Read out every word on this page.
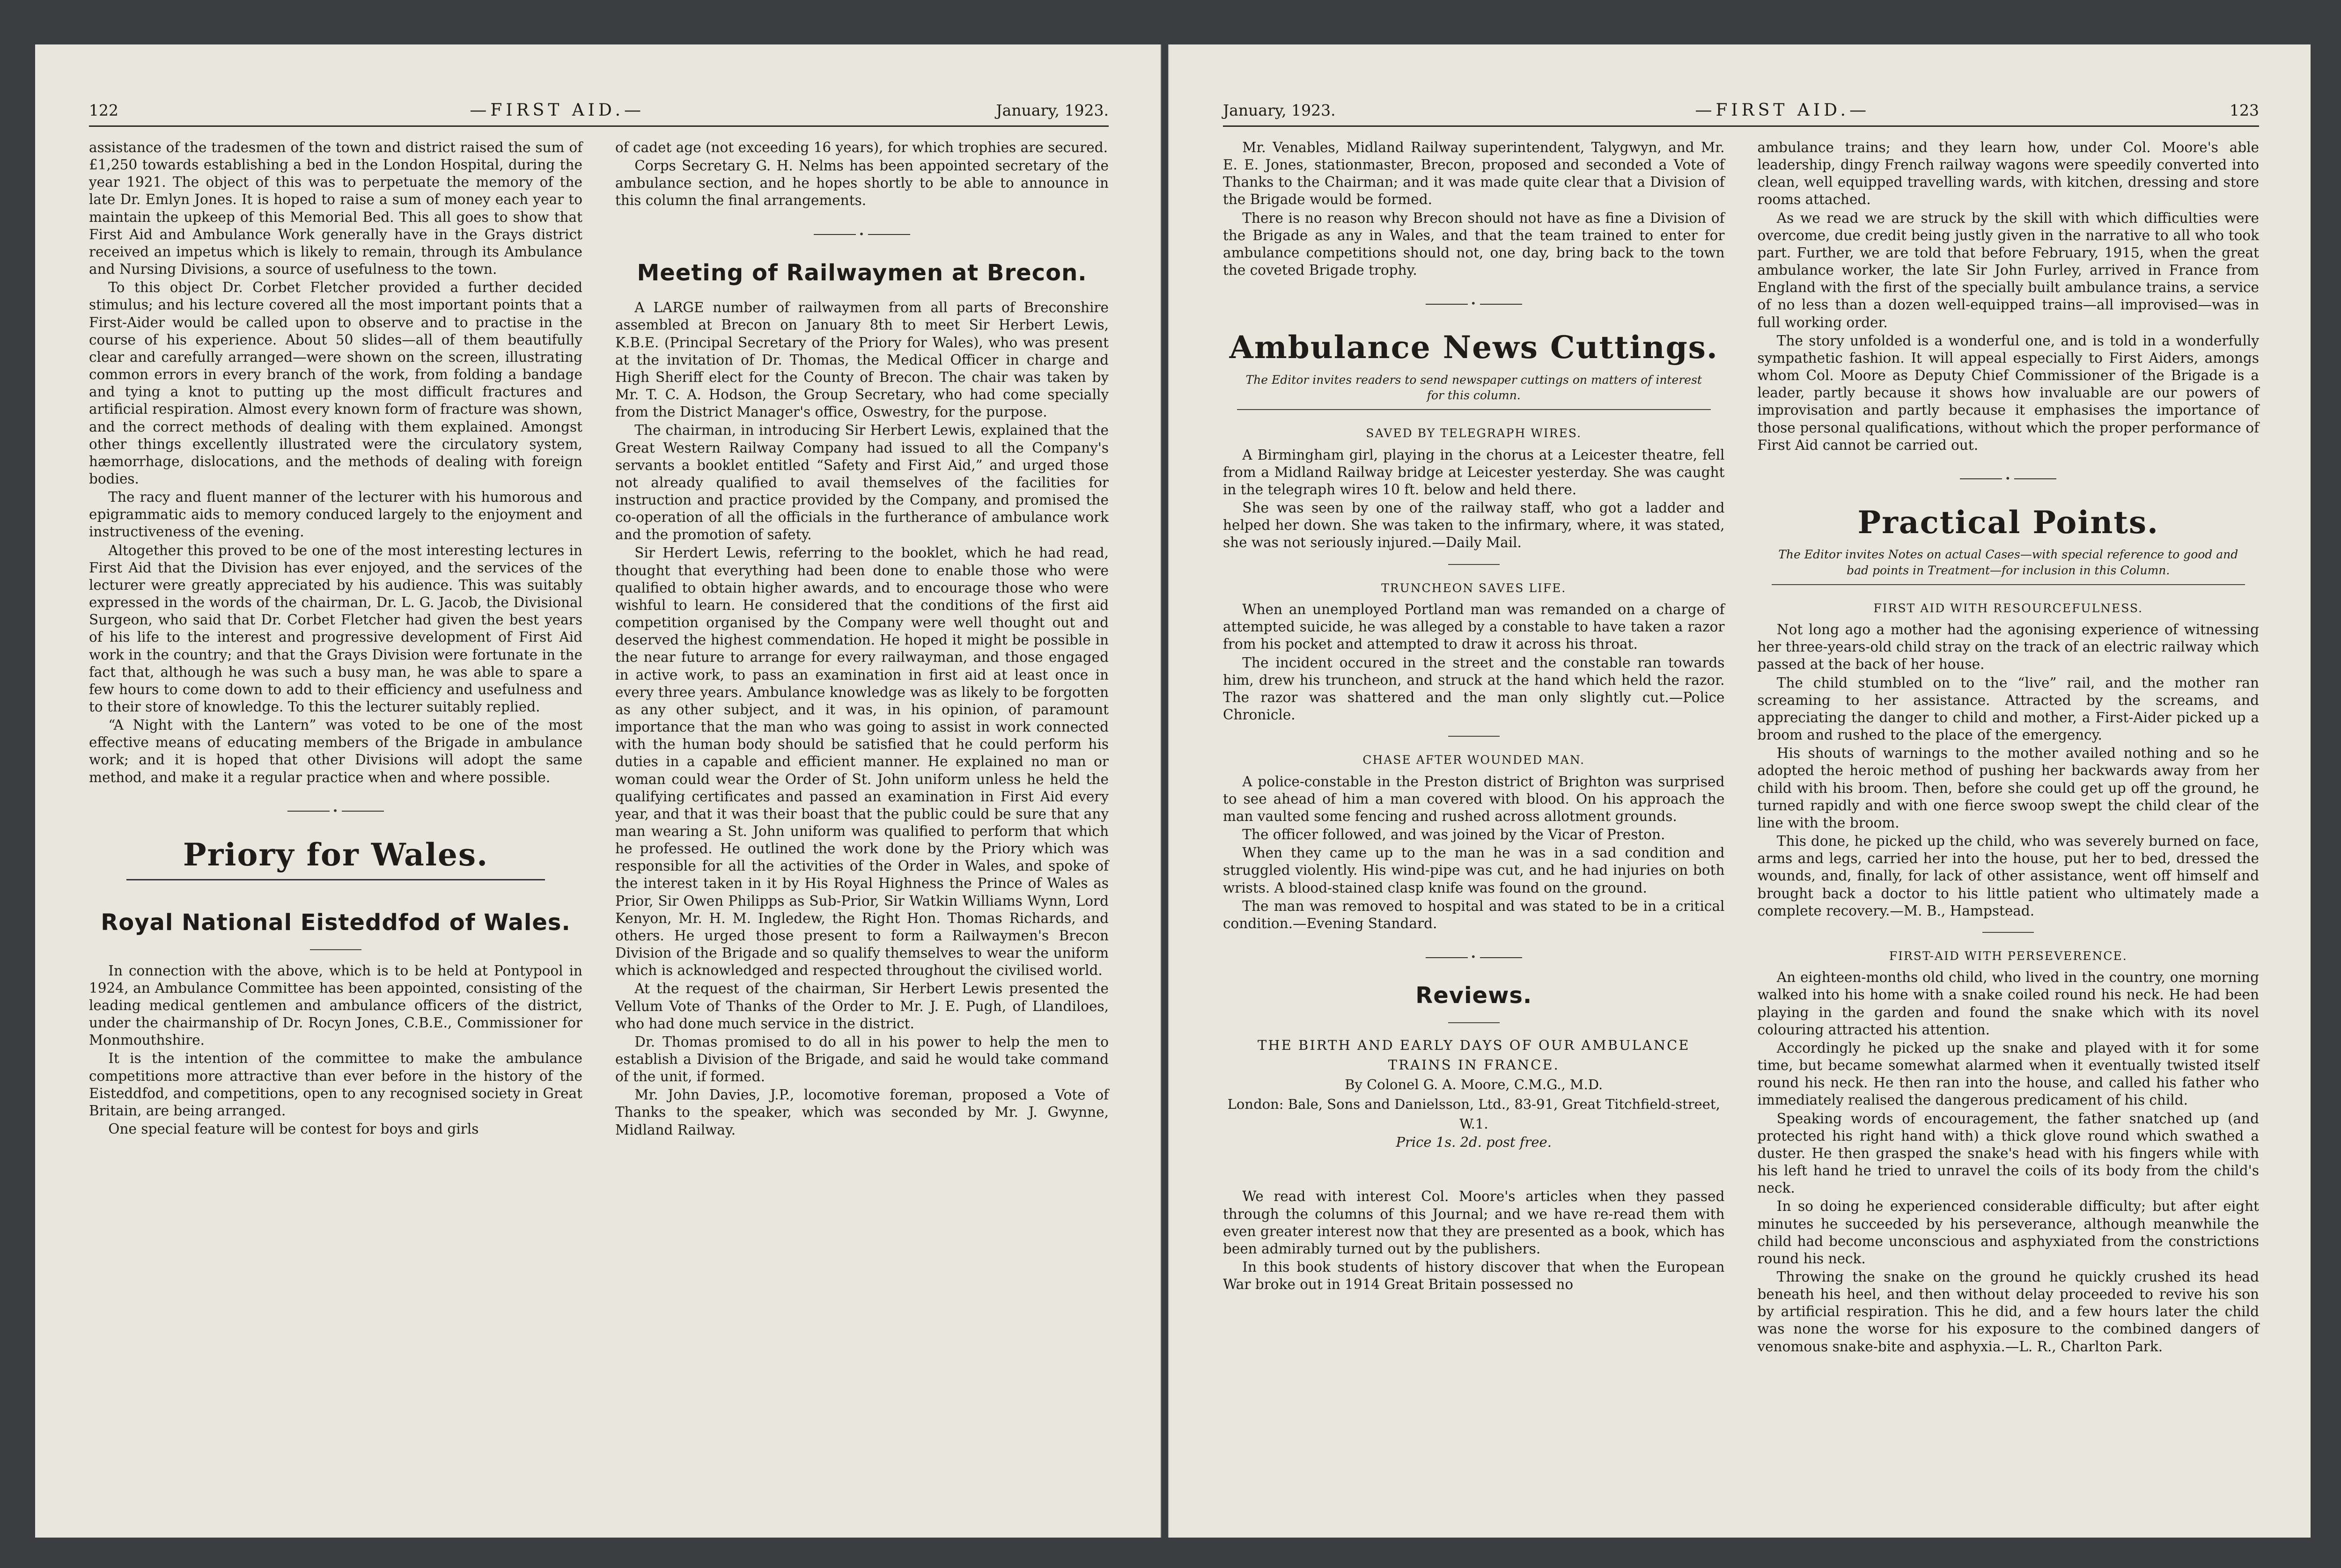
122	—FIRST AID.—	January, 1923.

assistance of the tradesmen of the town and district raised the sum of £1,250 towards establishing a bed in the London Hospital, during the year 1921. The object of this was to perpetuate the memory of the late Dr. Emlyn Jones. It is hoped to raise a sum of money each year to maintain the upkeep of this Memorial Bed. This all goes to show that First Aid and Ambulance Work generally have in the Grays district received an impetus which is likely to remain, through its Ambulance and Nursing Divisions, a source of usefulness to the town.

To this object Dr. Corbet Fletcher provided a further decided stimulus; and his lecture covered all the most important points that a First-Aider would be called upon to observe and to practise in the course of his experience. About 50 slides—all of them beautifully clear and carefully arranged—were shown on the screen, illustrating common errors in every branch of the work, from folding a bandage and tying a knot to putting up the most difficult fractures and artificial respiration. Almost every known form of fracture was shown, and the correct methods of dealing with them explained. Amongst other things excellently illustrated were the circulatory system, hæmorrhage, dislocations, and the methods of dealing with foreign bodies.

The racy and fluent manner of the lecturer with his humorous and epigrammatic aids to memory conduced largely to the enjoyment and instructiveness of the evening.

Altogether this proved to be one of the most interesting lectures in First Aid that the Division has ever enjoyed, and the services of the lecturer were greatly appreciated by his audience. This was suitably expressed in the words of the chairman, Dr. L. G. Jacob, the Divisional Surgeon, who said that Dr. Corbet Fletcher had given the best years of his life to the interest and progressive development of First Aid work in the country; and that the Grays Division were fortunate in the fact that, although he was such a busy man, he was able to spare a few hours to come down to add to their efficiency and usefulness and to their store of knowledge. To this the lecturer suitably replied.

“A Night with the Lantern” was voted to be one of the most effective means of educating members of the Brigade in ambulance work; and it is hoped that other Divisions will adopt the same method, and make it a regular practice when and where possible.

•
Priory for Wales.
Royal National Eisteddfod of Wales.

In connection with the above, which is to be held at Pontypool in 1924, an Ambulance Committee has been appointed, consisting of the leading medical gentlemen and ambulance officers of the district, under the chairmanship of Dr. Rocyn Jones, C.B.E., Commissioner for Monmouthshire.

It is the intention of the committee to make the ambulance competitions more attractive than ever before in the history of the Eisteddfod, and competitions, open to any recognised society in Great Britain, are being arranged.

One special feature will be contest for boys and girls

of cadet age (not exceeding 16 years), for which trophies are secured.

Corps Secretary G. H. Nelms has been appointed secretary of the ambulance section, and he hopes shortly to be able to announce in this column the final arrangements.

•
Meeting of Railwaymen at Brecon.

A LARGE number of railwaymen from all parts of Breconshire assembled at Brecon on January 8th to meet Sir Herbert Lewis, K.B.E. (Principal Secretary of the Priory for Wales), who was present at the invitation of Dr. Thomas, the Medical Officer in charge and High Sheriff elect for the County of Brecon. The chair was taken by Mr. T. C. A. Hodson, the Group Secretary, who had come specially from the District Manager's office, Oswestry, for the purpose.

The chairman, in introducing Sir Herbert Lewis, explained that the Great Western Railway Company had issued to all the Company's servants a booklet entitled “Safety and First Aid,” and urged those not already qualified to avail themselves of the facilities for instruction and practice provided by the Company, and promised the co-operation of all the officials in the furtherance of ambulance work and the promotion of safety.

Sir Herdert Lewis, referring to the booklet, which he had read, thought that everything had been done to enable those who were qualified to obtain higher awards, and to encourage those who were wishful to learn. He considered that the conditions of the first aid competition organised by the Company were well thought out and deserved the highest commendation. He hoped it might be possible in the near future to arrange for every railwayman, and those engaged in active work, to pass an examination in first aid at least once in every three years. Ambulance knowledge was as likely to be forgotten as any other subject, and it was, in his opinion, of paramount importance that the man who was going to assist in work connected with the human body should be satisfied that he could perform his duties in a capable and efficient manner. He explained no man or woman could wear the Order of St. John uniform unless he held the qualifying certificates and passed an examination in First Aid every year, and that it was their boast that the public could be sure that any man wearing a St. John uniform was qualified to perform that which he professed. He outlined the work done by the Priory which was responsible for all the activities of the Order in Wales, and spoke of the interest taken in it by His Royal Highness the Prince of Wales as Prior, Sir Owen Philipps as Sub-Prior, Sir Watkin Williams Wynn, Lord Kenyon, Mr. H. M. Ingledew, the Right Hon. Thomas Richards, and others. He urged those present to form a Railwaymen's Brecon Division of the Brigade and so qualify themselves to wear the uniform which is acknowledged and respected throughout the civilised world.

At the request of the chairman, Sir Herbert Lewis presented the Vellum Vote of Thanks of the Order to Mr. J. E. Pugh, of Llandiloes, who had done much service in the district.

Dr. Thomas promised to do all in his power to help the men to establish a Division of the Brigade, and said he would take command of the unit, if formed.

Mr. John Davies, J.P., locomotive foreman, proposed a Vote of Thanks to the speaker, which was seconded by Mr. J. Gwynne, Midland Railway.

January, 1923.	—FIRST AID.—	123

Mr. Venables, Midland Railway superintendent, Talygwyn, and Mr. E. E. Jones, stationmaster, Brecon, proposed and seconded a Vote of Thanks to the Chairman; and it was made quite clear that a Division of the Brigade would be formed.

There is no reason why Brecon should not have as fine a Division of the Brigade as any in Wales, and that the team trained to enter for ambulance competitions should not, one day, bring back to the town the coveted Brigade trophy.

•
Ambulance News Cuttings.
The Editor invites readers to send newspaper cuttings on matters of interest for this column.
SAVED BY TELEGRAPH WIRES.

A Birmingham girl, playing in the chorus at a Leicester theatre, fell from a Midland Railway bridge at Leicester yesterday. She was caught in the telegraph wires 10 ft. below and held there.

She was seen by one of the railway staff, who got a ladder and helped her down. She was taken to the infirmary, where, it was stated, she was not seriously injured.—Daily Mail.

TRUNCHEON SAVES LIFE.

When an unemployed Portland man was remanded on a charge of attempted suicide, he was alleged by a constable to have taken a razor from his pocket and attempted to draw it across his throat.

The incident occured in the street and the constable ran towards him, drew his truncheon, and struck at the hand which held the razor. The razor was shattered and the man only slightly cut.—Police Chronicle.

CHASE AFTER WOUNDED MAN.

A police-constable in the Preston district of Brighton was surprised to see ahead of him a man covered with blood. On his approach the man vaulted some fencing and rushed across allotment grounds.

The officer followed, and was joined by the Vicar of Preston.

When they came up to the man he was in a sad condition and struggled violently. His wind-pipe was cut, and he had injuries on both wrists. A blood-stained clasp knife was found on the ground.

The man was removed to hospital and was stated to be in a critical condition.—Evening Standard.

•
Reviews.
THE BIRTH AND EARLY DAYS OF OUR AMBULANCE TRAINS IN FRANCE.
By Colonel G. A. Moore, C.M.G., M.D.
London: Bale, Sons and Danielsson, Ltd., 83-91, Great Titchfield-street, W.1.
Price 1s. 2d. post free.

We read with interest Col. Moore's articles when they passed through the columns of this Journal; and we have re-read them with even greater interest now that they are presented as a book, which has been admirably turned out by the publishers.

In this book students of history discover that when the European War broke out in 1914 Great Britain possessed no

ambulance trains; and they learn how, under Col. Moore's able leadership, dingy French railway wagons were speedily converted into clean, well equipped travelling wards, with kitchen, dressing and store rooms attached.

As we read we are struck by the skill with which difficulties were overcome, due credit being justly given in the narrative to all who took part. Further, we are told that before February, 1915, when the great ambulance worker, the late Sir John Furley, arrived in France from England with the first of the specially built ambulance trains, a service of no less than a dozen well-equipped trains—all improvised—was in full working order.

The story unfolded is a wonderful one, and is told in a wonderfully sympathetic fashion. It will appeal especially to First Aiders, amongs whom Col. Moore as Deputy Chief Commissioner of the Brigade is a leader, partly because it shows how invaluable are our powers of improvisation and partly because it emphasises the importance of those personal qualifications, without which the proper performance of First Aid cannot be carried out.

•
Practical Points.
The Editor invites Notes on actual Cases—with special reference to good and bad points in Treatment—for inclusion in this Column.
FIRST AID WITH RESOURCEFULNESS.

Not long ago a mother had the agonising experience of witnessing her three-years-old child stray on the track of an electric railway which passed at the back of her house.

The child stumbled on to the “live” rail, and the mother ran screaming to her assistance. Attracted by the screams, and appreciating the danger to child and mother, a First-Aider picked up a broom and rushed to the place of the emergency.

His shouts of warnings to the mother availed nothing and so he adopted the heroic method of pushing her backwards away from her child with his broom. Then, before she could get up off the ground, he turned rapidly and with one fierce swoop swept the child clear of the line with the broom.

This done, he picked up the child, who was severely burned on face, arms and legs, carried her into the house, put her to bed, dressed the wounds, and, finally, for lack of other assistance, went off himself and brought back a doctor to his little patient who ultimately made a complete recovery.—M. B., Hampstead.

FIRST-AID WITH PERSEVERENCE.

An eighteen-months old child, who lived in the country, one morning walked into his home with a snake coiled round his neck. He had been playing in the garden and found the snake which with its novel colouring attracted his attention.

Accordingly he picked up the snake and played with it for some time, but became somewhat alarmed when it eventually twisted itself round his neck. He then ran into the house, and called his father who immediately realised the dangerous predicament of his child.

Speaking words of encouragement, the father snatched up (and protected his right hand with) a thick glove round which swathed a duster. He then grasped the snake's head with his fingers while with his left hand he tried to unravel the coils of its body from the child's neck.

In so doing he experienced considerable difficulty; but after eight minutes he succeeded by his perseverance, although meanwhile the child had become unconscious and asphyxiated from the constrictions round his neck.

Throwing the snake on the ground he quickly crushed its head beneath his heel, and then without delay proceeded to revive his son by artificial respiration. This he did, and a few hours later the child was none the worse for his exposure to the combined dangers of venomous snake-bite and asphyxia.—L. R., Charlton Park.
